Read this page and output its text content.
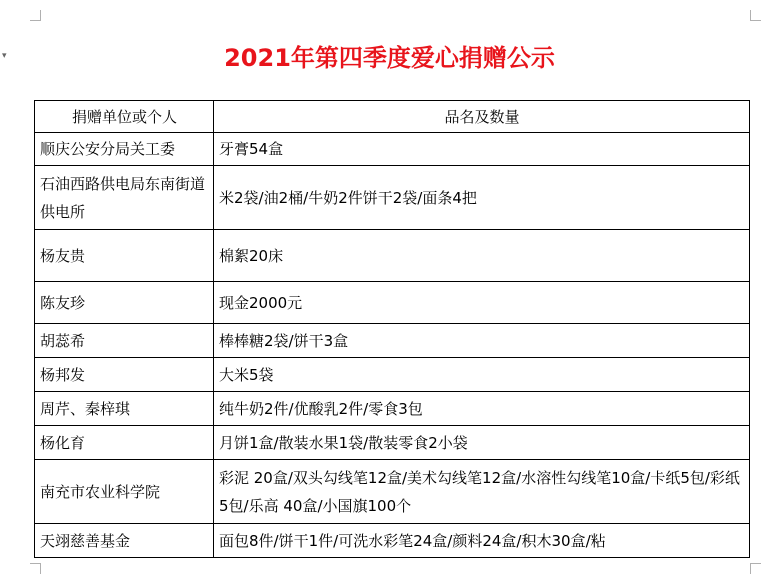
▾	2021年第四季度爱心捐赠公示
捐赠单位或个人	品名及数量
顺庆公安分局关工委	牙膏54盒
石油西路供电局东南街道供电所	米2袋/油2桶/牛奶2件饼干2袋/面条4把
杨友贵	棉絮20床
陈友珍	现金2000元
胡蕊希	棒棒糖2袋/饼干3盒
杨邦发	大米5袋
周芹、秦梓琪	纯牛奶2件/优酸乳2件/零食3包
杨化育	月饼1盒/散装水果1袋/散装零食2小袋
南充市农业科学院	彩泥 20盒/双头勾线笔12盒/美术勾线笔12盒/水溶性勾线笔10盒/卡纸5包/彩纸5包/乐高 40盒/小国旗100个
天翊慈善基金	面包8件/饼干1件/可洗水彩笔24盒/颜料24盒/积木30盒/粘
